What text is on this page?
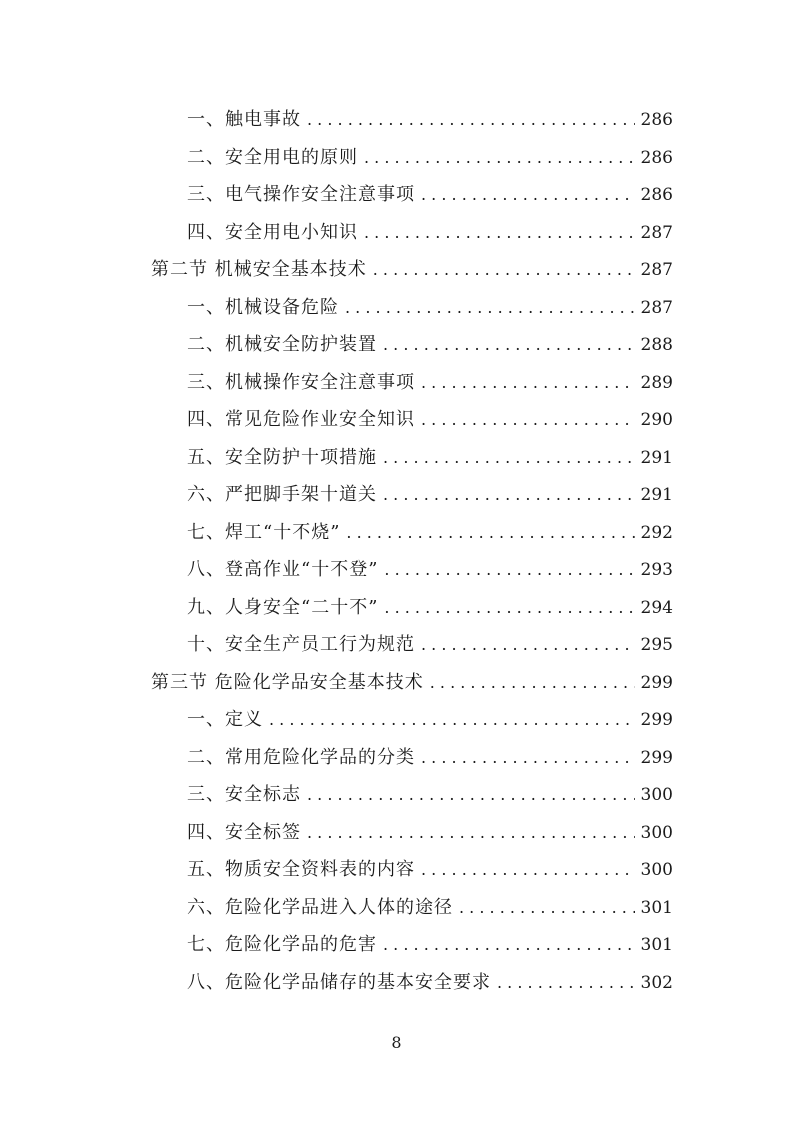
一、触电事故 . . .	286
二、安全用电的原则 . . .	286
三、电气操作安全注意事项 . . .	286
四、安全用电小知识 . . .	287
第二节 机械安全基本技术 . . .	287
一、机械设备危险 . . .	287
二、机械安全防护装置 . . .	288
三、机械操作安全注意事项 . . .	289
四、常见危险作业安全知识 . . .	290
五、安全防护十项措施 . . .	291
六、严把脚手架十道关 . . .	291
七、焊工“十不烧” . . .	292
八、登高作业“十不登” . . .	293
九、人身安全“二十不” . . .	294
十、安全生产员工行为规范 . . .	295
第三节 危险化学品安全基本技术 . . .	299
一、定义 . . .	299
二、常用危险化学品的分类 . . .	299
三、安全标志 . . .	300
四、安全标签 . . .	300
五、物质安全资料表的内容 . . .	300
六、危险化学品进入人体的途径 . . .	301
七、危险化学品的危害 . . .	301
八、危险化学品储存的基本安全要求 . . .	302
8
